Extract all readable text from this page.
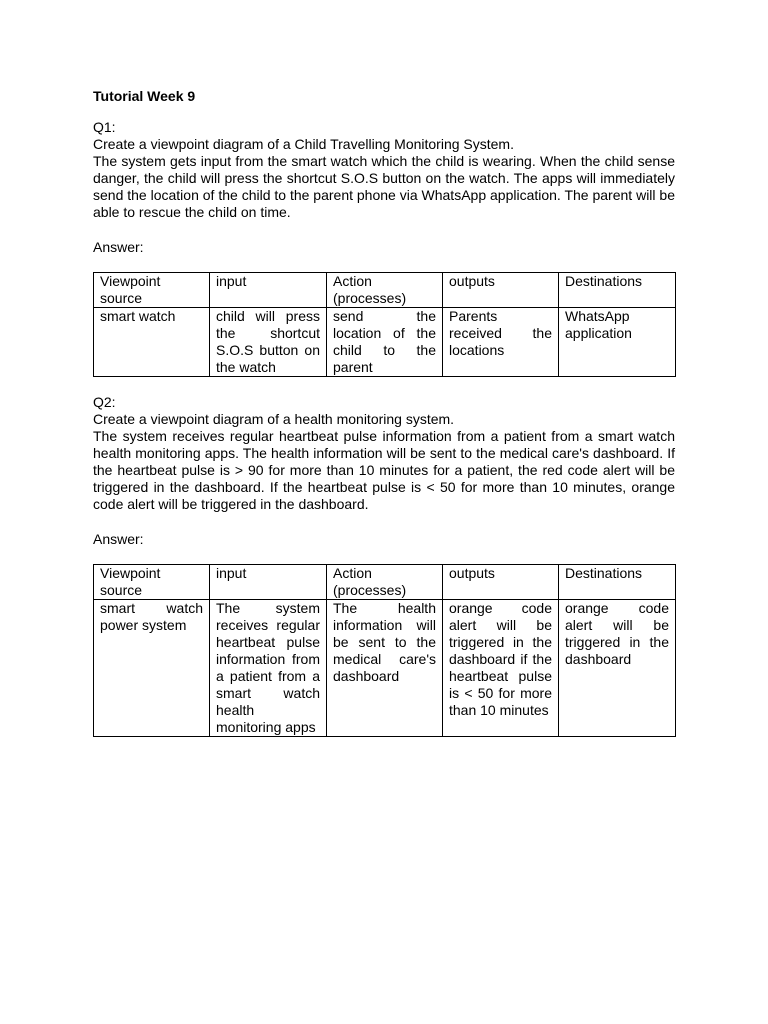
Tutorial Week 9

Q1:

Create a viewpoint diagram of a Child Travelling Monitoring System.

The system gets input from the smart watch which the child is wearing. When the child sense danger, the child will press the shortcut S.O.S button on the watch. The apps will immediately send the location of the child to the parent phone via WhatsApp application. The parent will be able to rescue the child on time.

Answer:

Viewpoint source	input	Action (processes)	outputs	Destinations
smart watch	child will press the shortcut S.O.S button on the watch	send the location of the child to the parent	Parents received the locations	WhatsApp application

Q2:

Create a viewpoint diagram of a health monitoring system.

The system receives regular heartbeat pulse information from a patient from a smart watch health monitoring apps. The health information will be sent to the medical care's dashboard. If the heartbeat pulse is > 90 for more than 10 minutes for a patient, the red code alert will be triggered in the dashboard. If the heartbeat pulse is < 50 for more than 10 minutes, orange code alert will be triggered in the dashboard.

Answer:

Viewpoint source	input	Action (processes)	outputs	Destinations
smart watch power system	The system receives regular heartbeat pulse information from a patient from a smart watch health monitoring apps	The health information will be sent to the medical care's dashboard	orange code alert will be triggered in the dashboard if the heartbeat pulse is < 50 for more than 10 minutes	orange code alert will be triggered in the dashboard
